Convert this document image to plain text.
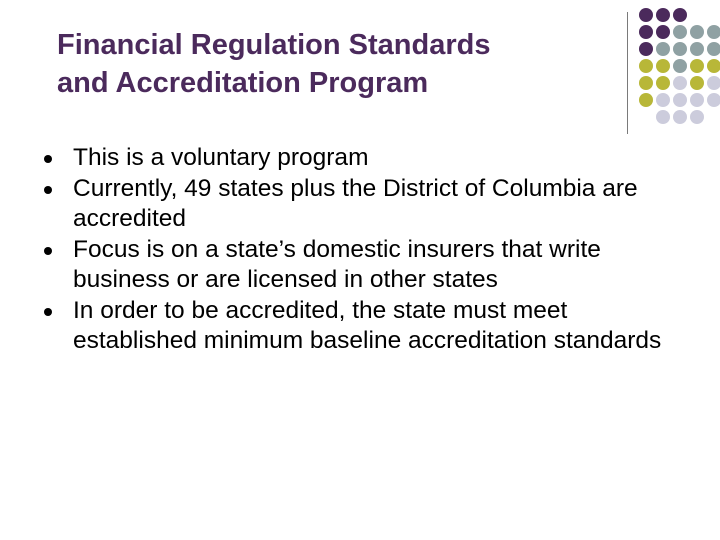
Financial Regulation Standards
and Accreditation Program
This is a voluntary program
Currently, 49 states plus the District of Columbia are accredited
Focus is on a state’s domestic insurers that write business or are licensed in other states
In order to be accredited, the state must meet established minimum baseline accreditation standards
